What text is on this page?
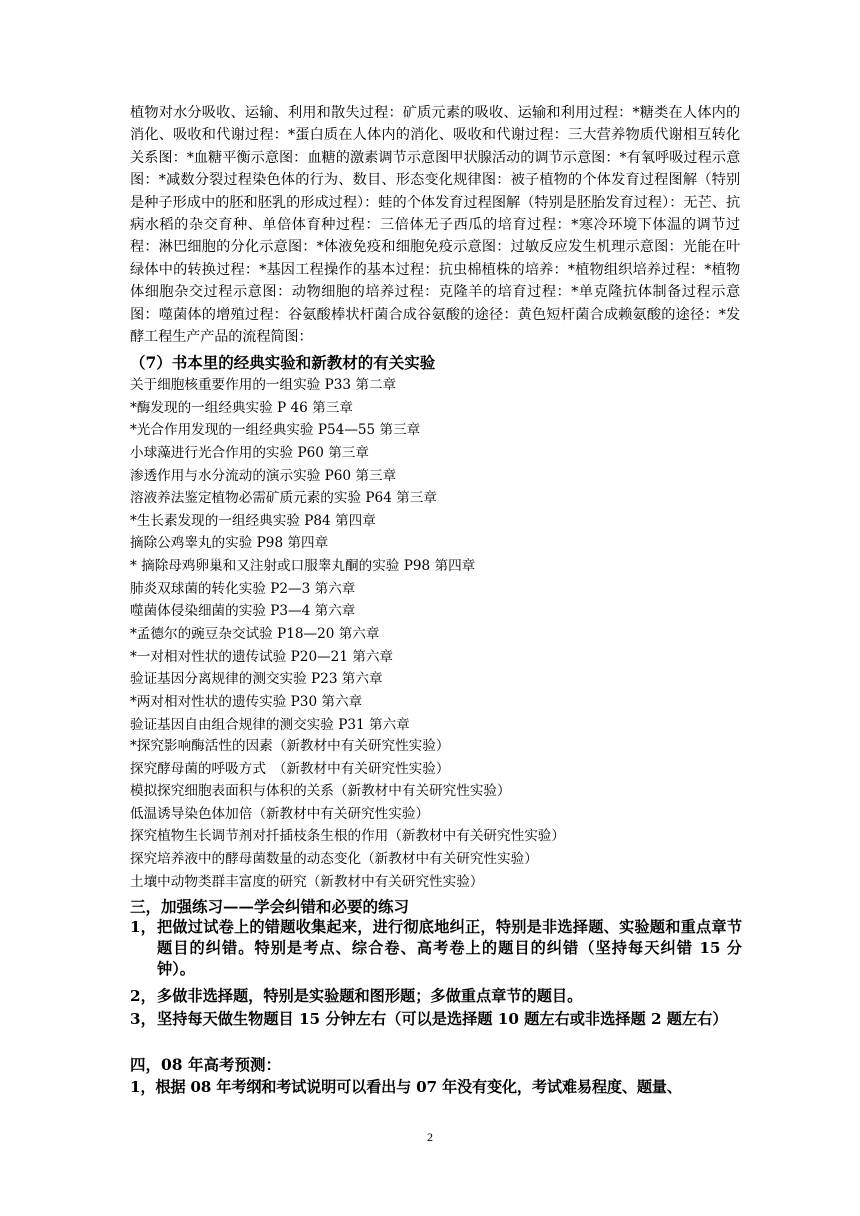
植物对水分吸收、运输、利用和散失过程：矿质元素的吸收、运输和利用过程：*糖类在人体内的消化、吸收和代谢过程：*蛋白质在人体内的消化、吸收和代谢过程：三大营养物质代谢相互转化关系图：*血糖平衡示意图：血糖的激素调节示意图甲状腺活动的调节示意图：*有氧呼吸过程示意图：*减数分裂过程染色体的行为、数目、形态变化规律图：被子植物的个体发育过程图解（特别是种子形成中的胚和胚乳的形成过程）：蛙的个体发育过程图解（特别是胚胎发育过程）：无芒、抗病水稻的杂交育种、单倍体育种过程：三倍体无子西瓜的培育过程：*寒冷环境下体温的调节过程：淋巴细胞的分化示意图：*体液免疫和细胞免疫示意图：过敏反应发生机理示意图：光能在叶绿体中的转换过程：*基因工程操作的基本过程：抗虫棉植株的培养：*植物组织培养过程：*植物体细胞杂交过程示意图：动物细胞的培养过程：克隆羊的培育过程：*单克隆抗体制备过程示意图：噬菌体的增殖过程：谷氨酸棒状杆菌合成谷氨酸的途径：黄色短杆菌合成赖氨酸的途径：*发酵工程生产产品的流程简图：
（7）书本里的经典实验和新教材的有关实验
关于细胞核重要作用的一组实验 P33 第二章
*酶发现的一组经典实验 P 46 第三章
*光合作用发现的一组经典实验 P54—55 第三章
小球藻进行光合作用的实验 P60 第三章
渗透作用与水分流动的演示实验 P60 第三章
溶液养法鉴定植物必需矿质元素的实验 P64 第三章
*生长素发现的一组经典实验 P84 第四章
摘除公鸡睾丸的实验 P98 第四章
* 摘除母鸡卵巢和又注射或口服睾丸酮的实验 P98 第四章
肺炎双球菌的转化实验 P2—3 第六章
噬菌体侵染细菌的实验 P3—4 第六章
*孟德尔的豌豆杂交试验 P18—20 第六章
*一对相对性状的遗传试验 P20—21 第六章
验证基因分离规律的测交实验 P23 第六章
*两对相对性状的遗传实验 P30 第六章
验证基因自由组合规律的测交实验 P31 第六章
*探究影响酶活性的因素（新教材中有关研究性实验）
探究酵母菌的呼吸方式　（新教材中有关研究性实验）
模拟探究细胞表面积与体积的关系（新教材中有关研究性实验）
低温诱导染色体加倍（新教材中有关研究性实验）
探究植物生长调节剂对扦插枝条生根的作用（新教材中有关研究性实验）
探究培养液中的酵母菌数量的动态变化（新教材中有关研究性实验）
土壤中动物类群丰富度的研究（新教材中有关研究性实验）
三，加强练习——学会纠错和必要的练习
1， 把做过试卷上的错题收集起来，进行彻底地纠正，特别是非选择题、实验题和重点章节题目的纠错。特别是考点、综合卷、高考卷上的题目的纠错（坚持每天纠错 15 分钟）。
2， 多做非选择题，特别是实验题和图形题；多做重点章节的题目。
3， 坚持每天做生物题目 15 分钟左右（可以是选择题 10 题左右或非选择题 2 题左右）
四，08 年高考预测：
1，根据 08 年考纲和考试说明可以看出与 07 年没有变化，考试难易程度、题量、
2
